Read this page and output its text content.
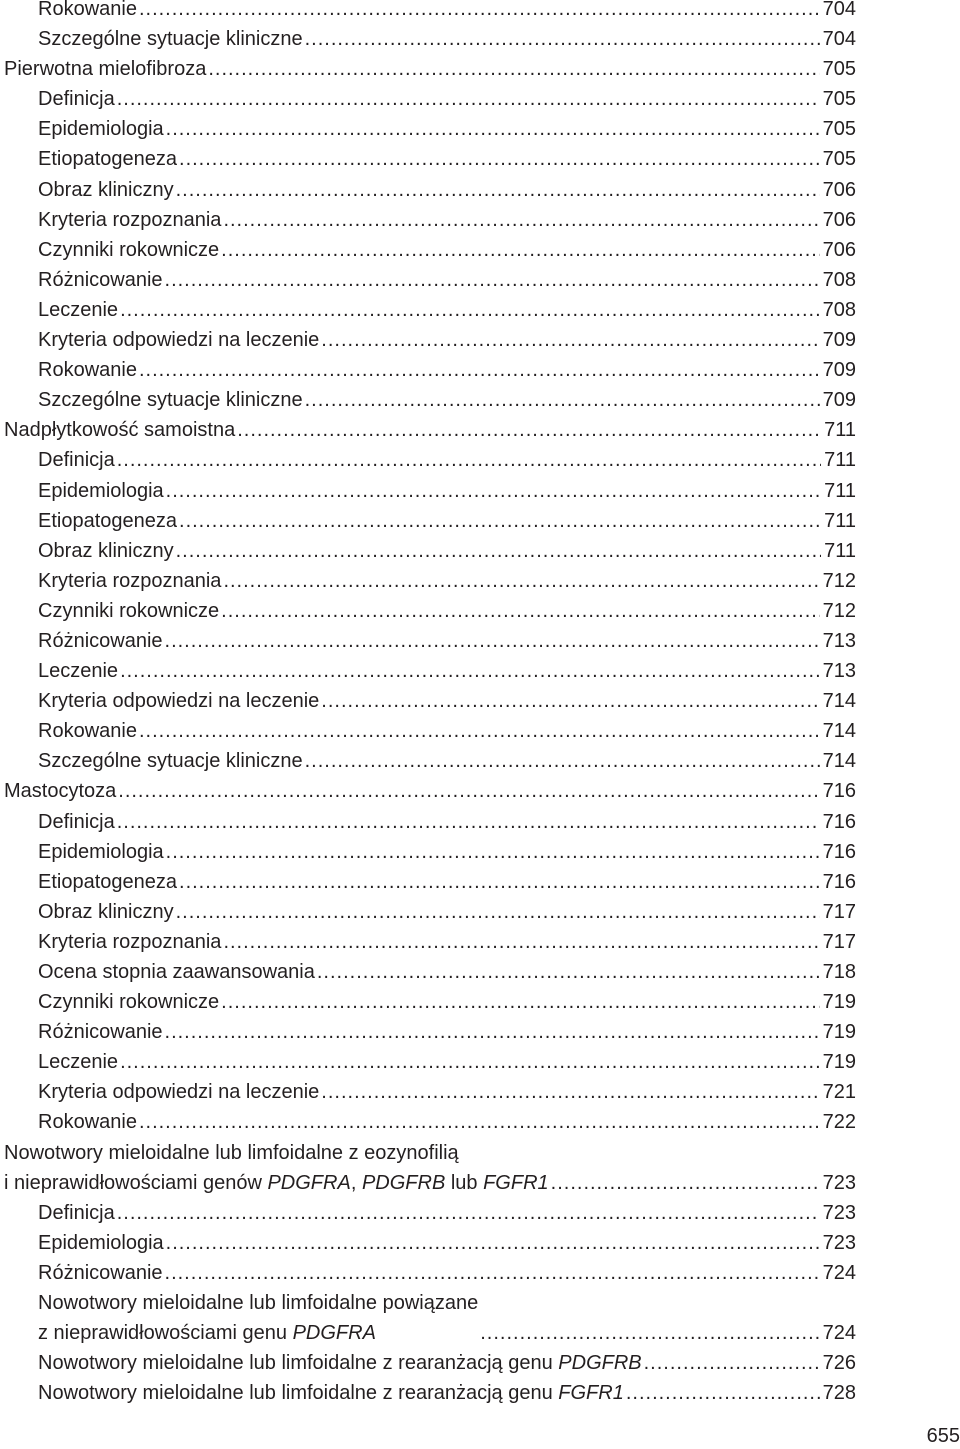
Rokowanie .....	704
Szczególne sytuacje kliniczne .....	704
Pierwotna mielofibroza .....	705
Definicja .....	705
Epidemiologia .....	705
Etiopatogeneza .....	705
Obraz kliniczny .....	706
Kryteria rozpoznania .....	706
Czynniki rokownicze .....	706
Różnicowanie .....	708
Leczenie .....	708
Kryteria odpowiedzi na leczenie .....	709
Rokowanie .....	709
Szczególne sytuacje kliniczne .....	709
Nadpłytkowość samoistna .....	711
Definicja .....	711
Epidemiologia .....	711
Etiopatogeneza .....	711
Obraz kliniczny .....	711
Kryteria rozpoznania .....	712
Czynniki rokownicze .....	712
Różnicowanie .....	713
Leczenie .....	713
Kryteria odpowiedzi na leczenie .....	714
Rokowanie .....	714
Szczególne sytuacje kliniczne .....	714
Mastocytoza .....	716
Definicja .....	716
Epidemiologia .....	716
Etiopatogeneza .....	716
Obraz kliniczny .....	717
Kryteria rozpoznania .....	717
Ocena stopnia zaawansowania .....	718
Czynniki rokownicze .....	719
Różnicowanie .....	719
Leczenie .....	719
Kryteria odpowiedzi na leczenie .....	721
Rokowanie .....	722
Nowotwory mieloidalne lub limfoidalne z eozynofilią
i nieprawidłowościami genów PDGFRA, PDGFRB lub FGFR1 .....	723
Definicja .....	723
Epidemiologia .....	723
Różnicowanie .....	724
Nowotwory mieloidalne lub limfoidalne powiązane
z nieprawidłowościami genu PDGFRA .....	724
Nowotwory mieloidalne lub limfoidalne z rearanżacją genu PDGFRB .....	726
Nowotwory mieloidalne lub limfoidalne z rearanżacją genu FGFR1 .....	728
655
